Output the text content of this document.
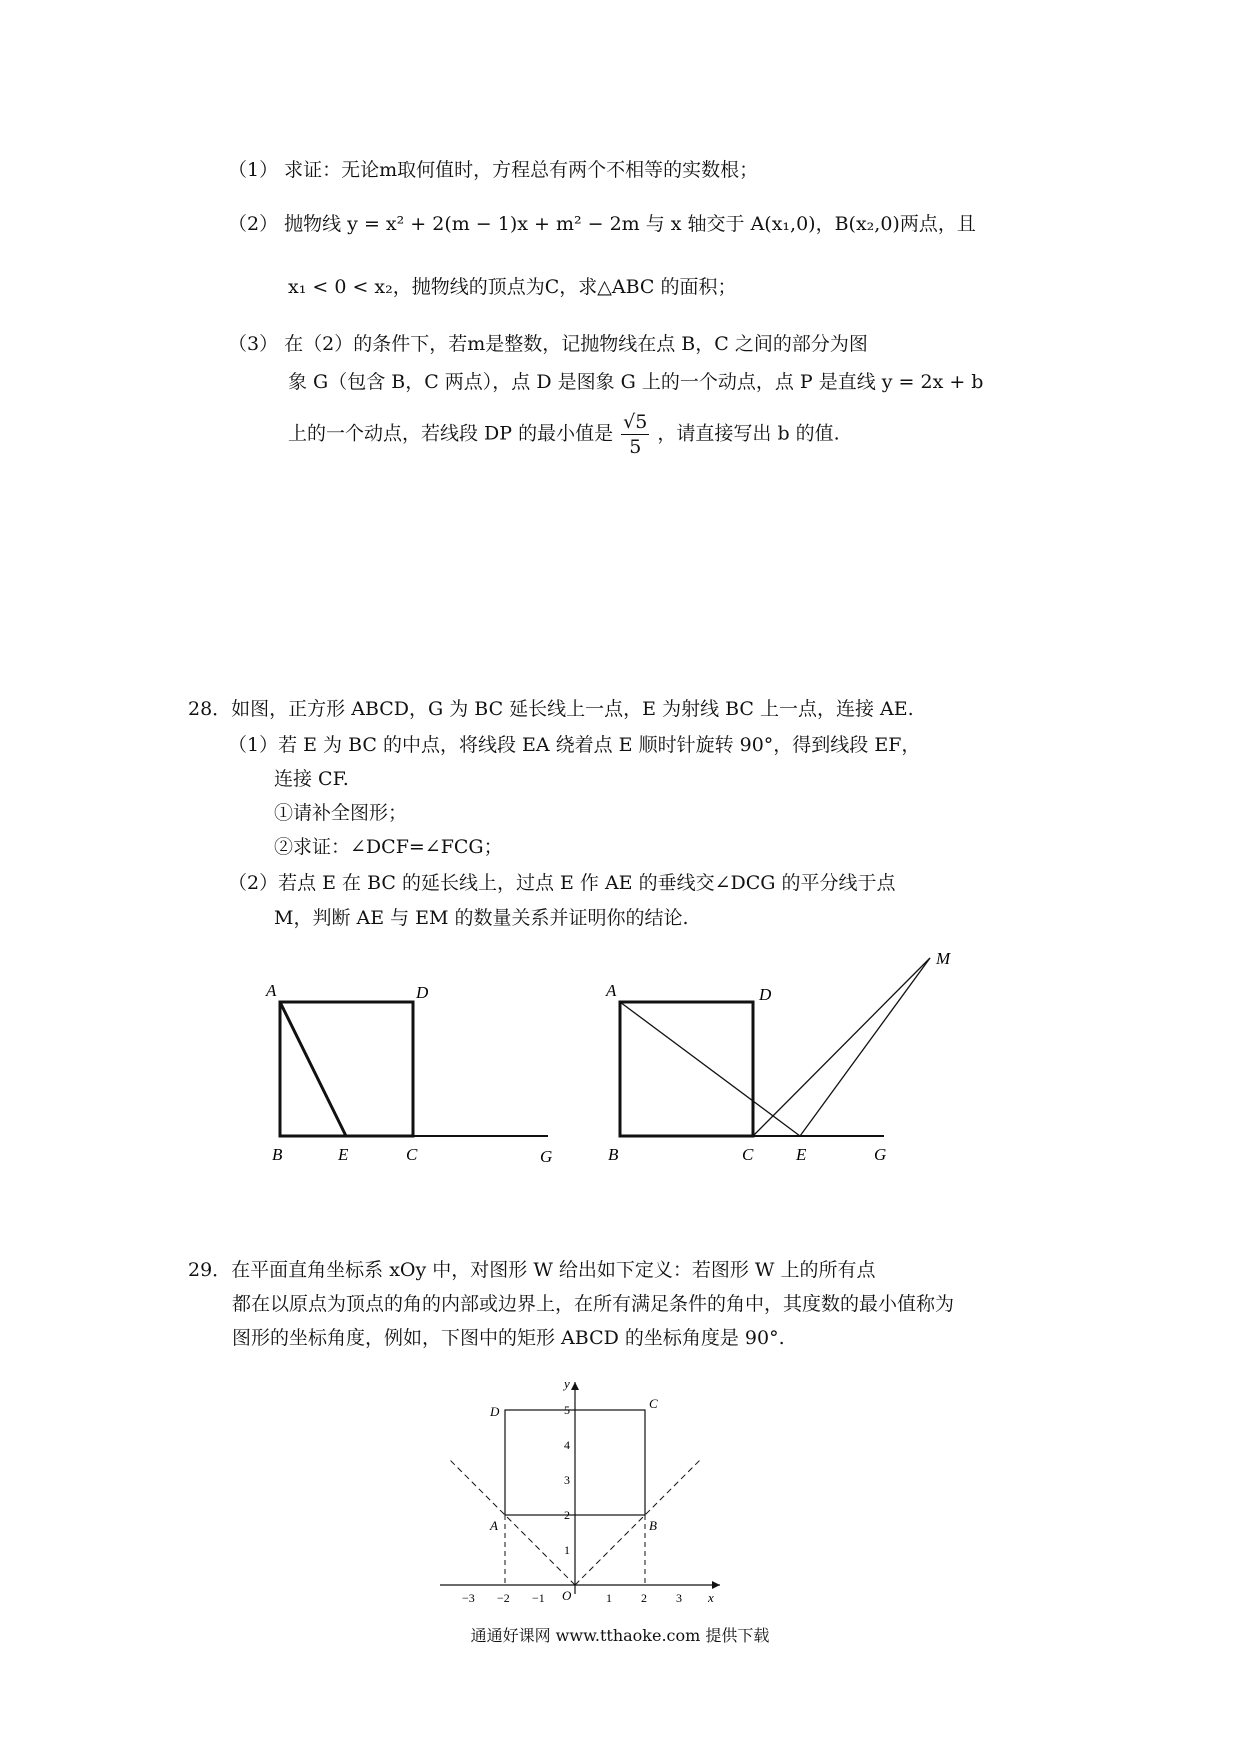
（1） 求证：无论m取何值时，方程总有两个不相等的实数根；
（2） 抛物线 y = x² + 2(m − 1)x + m² − 2m 与 x 轴交于 A(x₁,0)，B(x₂,0)两点，且
x₁ < 0 < x₂，抛物线的顶点为C，求△ABC 的面积；
（3） 在（2）的条件下，若m是整数，记抛物线在点 B，C 之间的部分为图
象 G（包含 B，C 两点），点 D 是图象 G 上的一个动点，点 P 是直线 y = 2x + b
上的一个动点，若线段 DP 的最小值是 $\frac{√5}{5}$ ，请直接写出 b 的值.
28．如图，正方形 ABCD，G 为 BC 延长线上一点，E 为射线 BC 上一点，连接 AE.
（1）若 E 为 BC 的中点，将线段 EA 绕着点 E 顺时针旋转 90°，得到线段 EF，
连接 CF.
①请补全图形；
②求证：∠DCF=∠FCG；
（2）若点 E 在 BC 的延长线上，过点 E 作 AE 的垂线交∠DCG 的平分线于点
M，判断 AE 与 EM 的数量关系并证明你的结论.
A	D
B	E	C	G
A	D
B	C	E	G
M
29．在平面直角坐标系 xOy 中，对图形 W 给出如下定义：若图形 W 上的所有点
都在以原点为顶点的角的内部或边界上，在所有满足条件的角中，其度数的最小值称为
图形的坐标角度，例如，下图中的矩形 ABCD 的坐标角度是 90°.
y
x
O
A	B
C
D
1
2
3
4
5
−3 −2 −1	1 2 3
通通好课网 www.tthaoke.com 提供下载
